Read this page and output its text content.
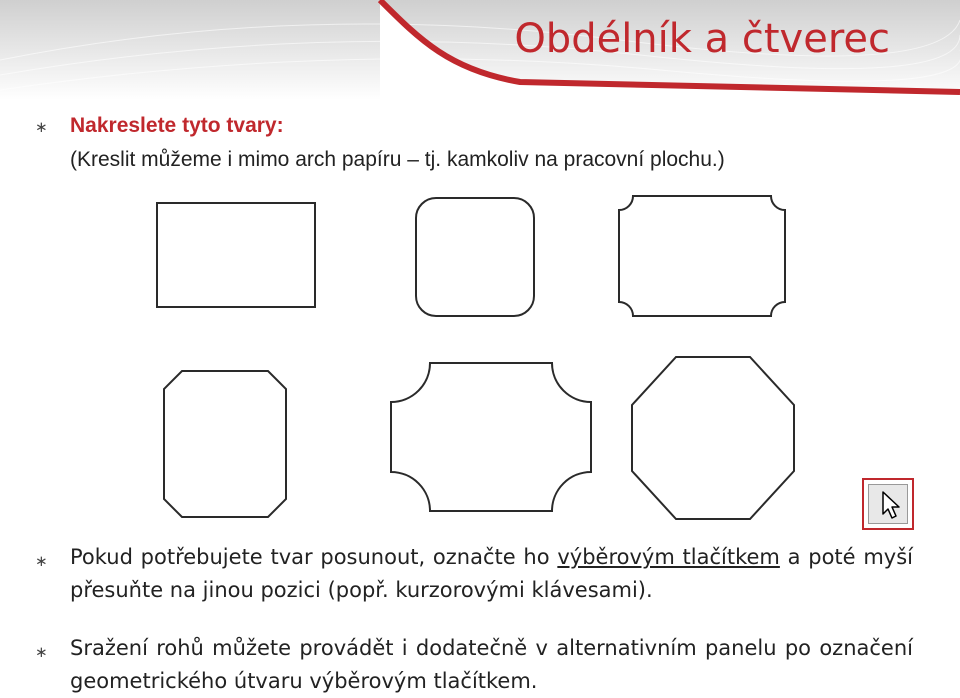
Obdélník a čtverec
∗ Nakreslete tyto tvary:
(Kreslit můžeme i mimo arch papíru – tj. kamkoliv na pracovní plochu.)
∗ Pokud potřebujete tvar posunout, označte ho výběrovým tlačítkem a poté myší přesuňte na jinou pozici (popř. kurzorovými klávesami).
∗ Sražení rohů můžete provádět i dodatečně v alternativním panelu po označení geometrického útvaru výběrovým tlačítkem.
